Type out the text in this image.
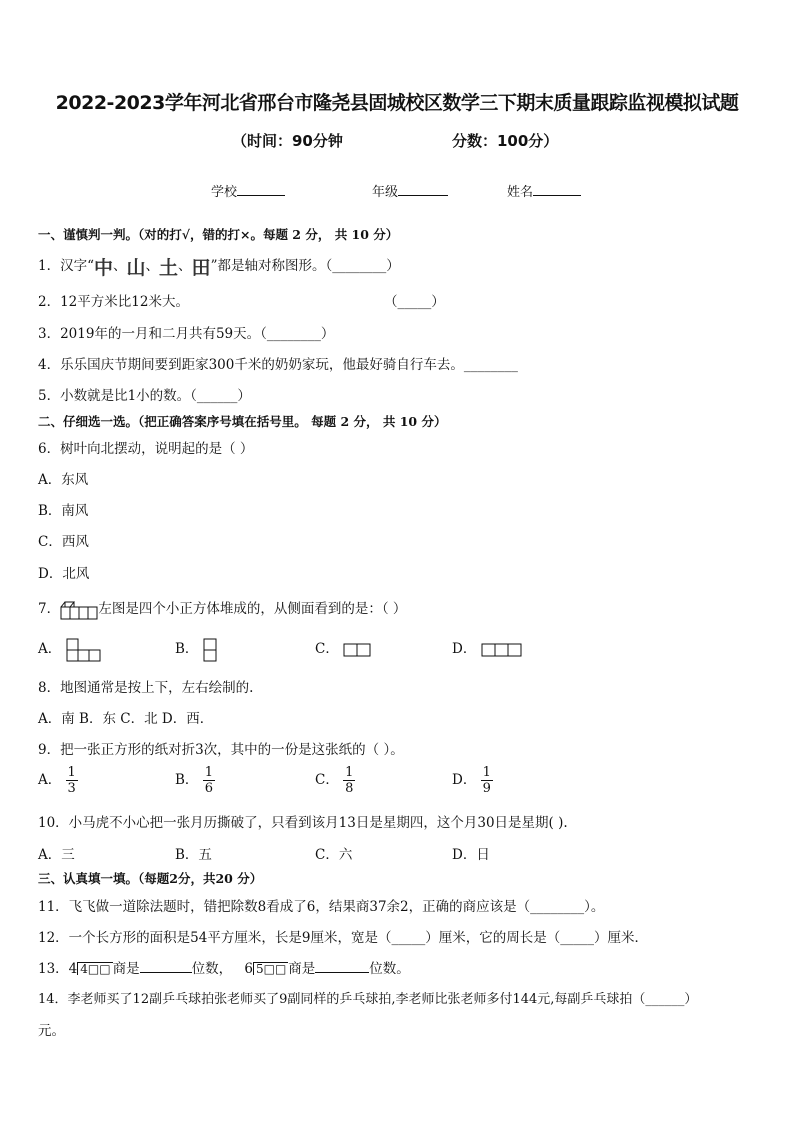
2022-2023学年河北省邢台市隆尧县固城校区数学三下期末质量跟踪监视模拟试题
（时间：90分钟	分数：100分）
学校	年级	姓名
一、谨慎判一判。（对的打√，错的打×。每题 2 分， 共 10 分）
1．汉字“中、山、土、田”都是轴对称图形。（________）
2．12平方米比12米大。	（_____）
3．2019年的一月和二月共有59天。（________）
4．乐乐国庆节期间要到距家300千米的奶奶家玩，他最好骑自行车去。________
5．小数就是比1小的数。（______）
二、仔细选一选。（把正确答案序号填在括号里。 每题 2 分， 共 10 分）
6．树叶向北摆动，说明起的是（ ）
A．东风
B．南风
C．西风
D．北风
7．	左图是四个小正方体堆成的，从侧面看到的是：（ ）
A．	B．	C．	D．
8．地图通常是按上下，左右绘制的.
A．南 B．东 C．北 D．西．
9．把一张正方形的纸对折3次，其中的一份是这张纸的（ ）。
A． $\frac{1}{3}$	B． $\frac{1}{6}$	C． $\frac{1}{8}$	D． $\frac{1}{9}$
10．小马虎不小心把一张月历撕破了，只看到该月13日是星期四，这个月30日是星期( ).
A．三	B．五	C．六	D．日
三、认真填一填。（每题2分，共20 分）
11．飞飞做一道除法题时，错把除数8看成了6，结果商37余2，正确的商应该是（________）。
12．一个长方形的面积是54平方厘米，长是9厘米，宽是（_____）厘米，它的周长是（_____）厘米．
13．4 4□□ 商是	位数， 6 5□□ 商是	位数。
14．李老师买了12副乒乓球拍张老师买了9副同样的乒乓球拍,李老师比张老师多付144元,每副乒乓球拍（______）
元。
